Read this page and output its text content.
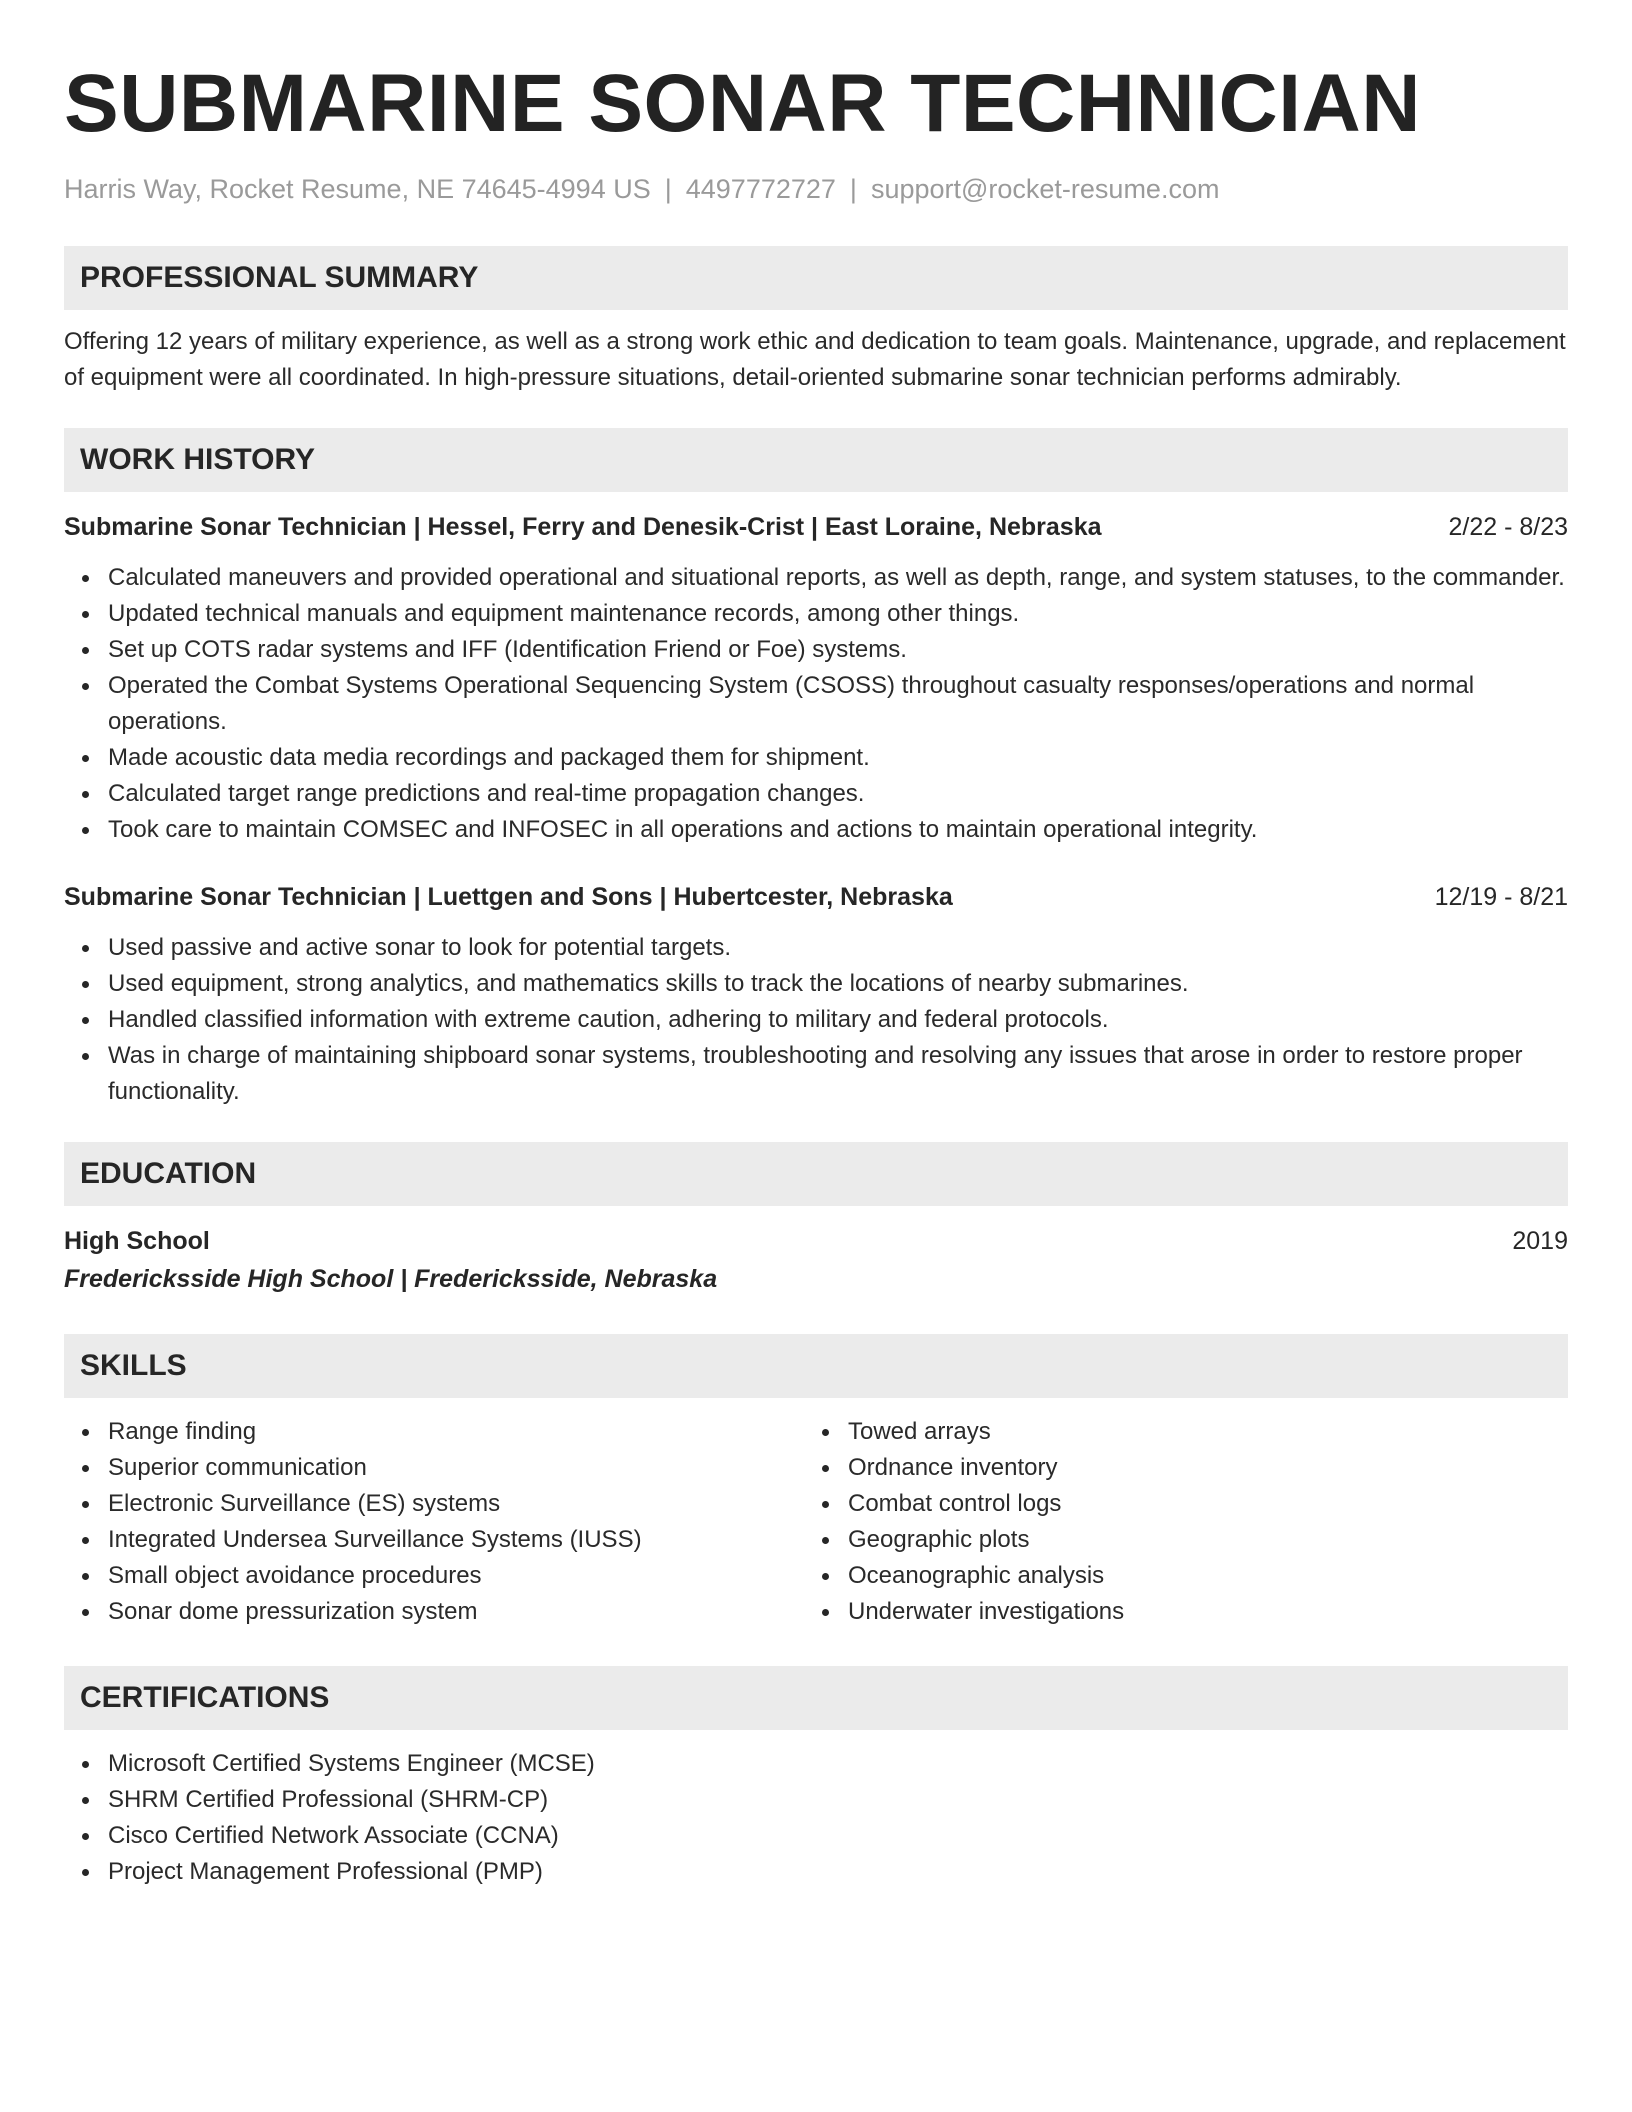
SUBMARINE SONAR TECHNICIAN
Harris Way, Rocket Resume, NE 74645-4994 US | 4497772727 | support@rocket-resume.com
PROFESSIONAL SUMMARY

Offering 12 years of military experience, as well as a strong work ethic and dedication to team goals. Maintenance, upgrade, and replacement of equipment were all coordinated. In high-pressure situations, detail-oriented submarine sonar technician performs admirably.

WORK HISTORY
Submarine Sonar Technician | Hessel, Ferry and Denesik-Crist | East Loraine, Nebraska	2/22 - 8/23
Calculated maneuvers and provided operational and situational reports, as well as depth, range, and system statuses, to the commander.
Updated technical manuals and equipment maintenance records, among other things.
Set up COTS radar systems and IFF (Identification Friend or Foe) systems.
Operated the Combat Systems Operational Sequencing System (CSOSS) throughout casualty responses/operations and normal operations.
Made acoustic data media recordings and packaged them for shipment.
Calculated target range predictions and real-time propagation changes.
Took care to maintain COMSEC and INFOSEC in all operations and actions to maintain operational integrity.
Submarine Sonar Technician | Luettgen and Sons | Hubertcester, Nebraska	12/19 - 8/21
Used passive and active sonar to look for potential targets.
Used equipment, strong analytics, and mathematics skills to track the locations of nearby submarines.
Handled classified information with extreme caution, adhering to military and federal protocols.
Was in charge of maintaining shipboard sonar systems, troubleshooting and resolving any issues that arose in order to restore proper functionality.
EDUCATION
High School	2019
Fredericksside High School | Fredericksside, Nebraska
SKILLS
Range finding
Superior communication
Electronic Surveillance (ES) systems
Integrated Undersea Surveillance Systems (IUSS)
Small object avoidance procedures
Sonar dome pressurization system
Towed arrays
Ordnance inventory
Combat control logs
Geographic plots
Oceanographic analysis
Underwater investigations
CERTIFICATIONS
Microsoft Certified Systems Engineer (MCSE)
SHRM Certified Professional (SHRM-CP)
Cisco Certified Network Associate (CCNA)
Project Management Professional (PMP)
